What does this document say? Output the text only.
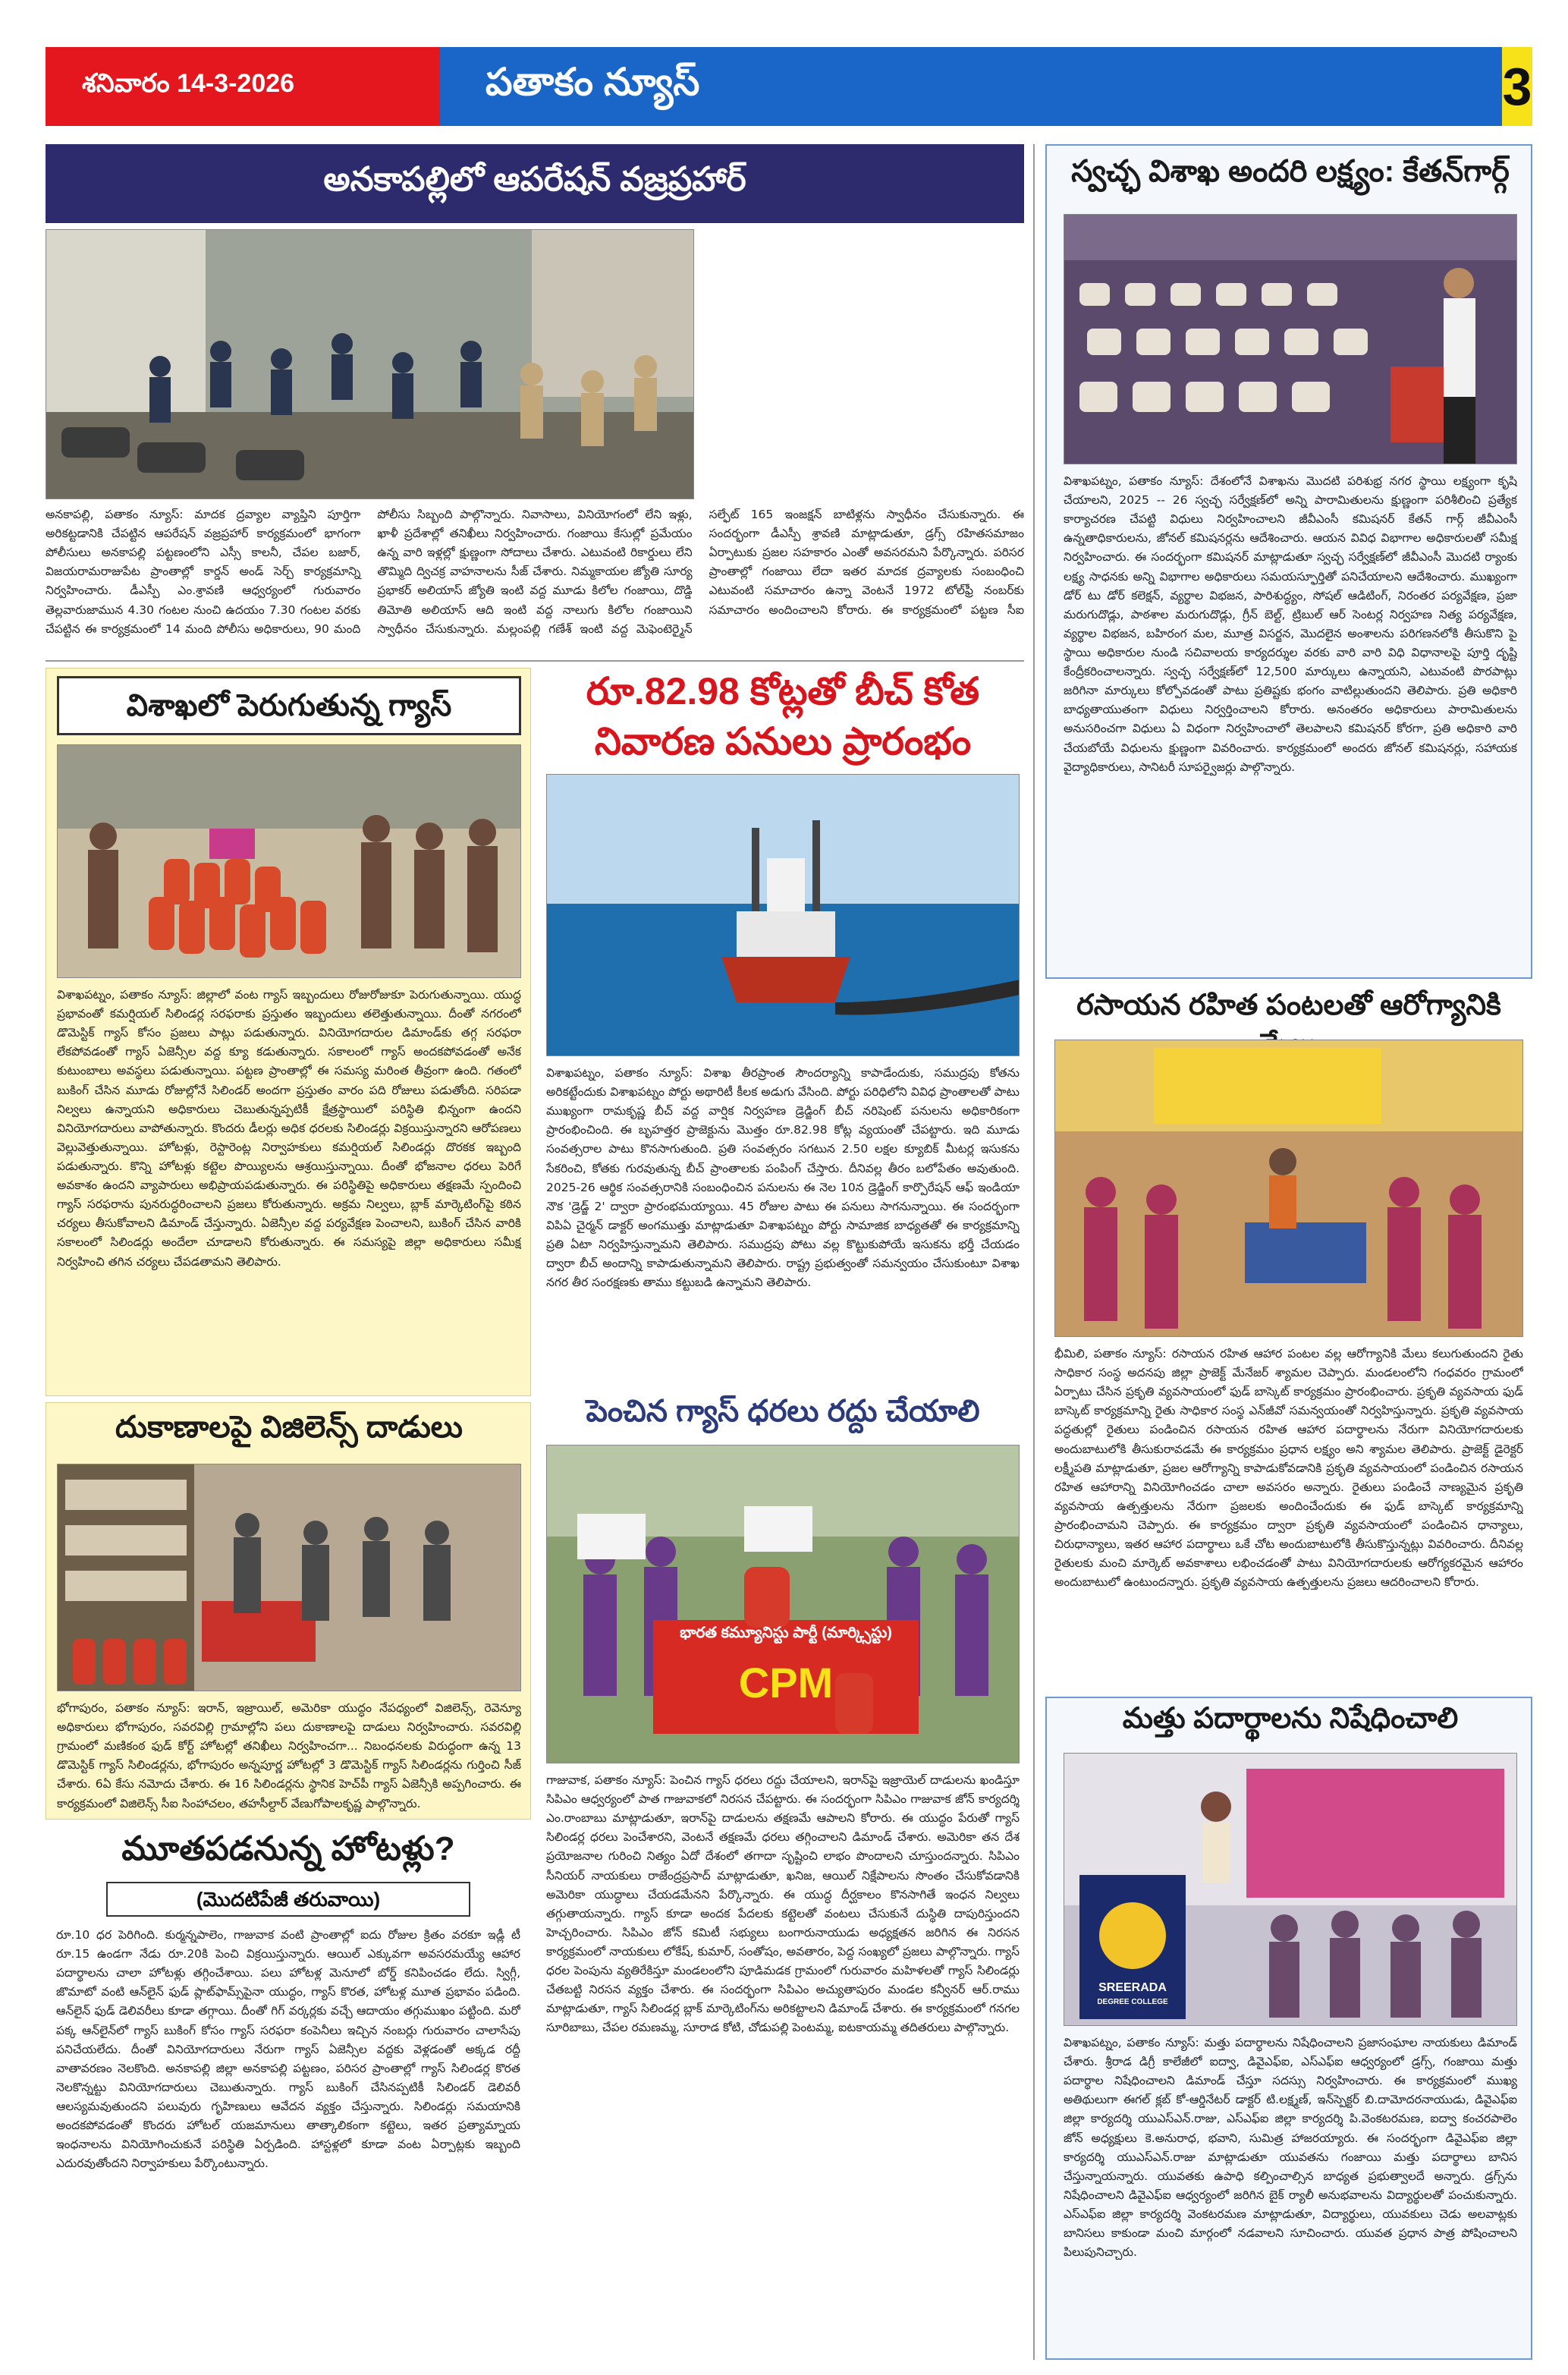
శనివారం 14-3-2026	పతాకం న్యూస్	3
అనకాపల్లిలో ఆపరేషన్ వజ్రప్రహార్
అనకాపల్లి, పతాకం న్యూస్: మాదక ద్రవ్యాల వ్యాప్తిని పూర్తిగా అరికట్టడానికి చేపట్టిన ఆపరేషన్ వజ్రప్రహార్ కార్యక్రమంలో భాగంగా పోలీసులు అనకాపల్లి పట్టణంలోని ఎస్సీ కాలనీ, చేపల బజార్, విజయరామరాజుపేట ప్రాంతాల్లో కార్డన్ అండ్ సెర్చ్ కార్యక్రమాన్ని నిర్వహించారు. డీఎస్పీ ఎం.శ్రావణి ఆధ్వర్యంలో గురువారం తెల్లవారుజామున 4.30 గంటల నుంచి ఉదయం 7.30 గంటల వరకు చేపట్టిన ఈ కార్యక్రమంలో 14 మంది పోలీసు అధికారులు, 90 మంది పోలీసు సిబ్బంది పాల్గొన్నారు. నివాసాలు, వినియోగంలో లేని ఇళ్లు, ఖాళీ ప్రదేశాల్లో తనిఖీలు నిర్వహించారు. గంజాయి కేసుల్లో ప్రమేయం ఉన్న వారి ఇళ్లల్లో క్షుణ్ణంగా సోదాలు చేశారు. ఎటువంటి రికార్డులు లేని తొమ్మిది ద్విచక్ర వాహనాలను సీజ్ చేశారు. నిమ్మకాయల జ్యోతి సూర్య ప్రభాకర్ అలియాస్ జ్యోతి ఇంటి వద్ద మూడు కిలోల గంజాయి, దొడ్డి తిమోతి అలియాస్ ఆది ఇంటి వద్ద నాలుగు కిలోల గంజాయిని స్వాధీనం చేసుకున్నారు. మల్లంపల్లి గణేశ్ ఇంటి వద్ద మెఫెంటెర్మైన్ సల్ఫేట్ 165 ఇంజక్షన్ బాటిళ్లను స్వాధీనం చేసుకున్నారు. ఈ సందర్భంగా డీఎస్పీ శ్రావణి మాట్లాడుతూ, డ్రగ్స్ రహితసమాజం ఏర్పాటుకు ప్రజల సహకారం ఎంతో అవసరమని పేర్కొన్నారు. పరిసర ప్రాంతాల్లో గంజాయి లేదా ఇతర మాదక ద్రవ్యాలకు సంబంధించి ఎటువంటి సమాచారం ఉన్నా వెంటనే 1972 టోల్‌ఫ్రీ నంబర్‌కు సమాచారం అందించాలని కోరారు. ఈ కార్యక్రమంలో పట్టణ సీఐ
స్వచ్ఛ విశాఖ అందరి లక్ష్యం: కేతన్‌గార్గ్
విశాఖపట్నం, పతాకం న్యూస్: దేశంలోనే విశాఖను మొదటి పరిశుభ్ర నగర స్థాయి లక్ష్యంగా కృషి చేయాలని, 2025 -- 26 స్వచ్ఛ సర్వేక్షణ్‌లో అన్ని పారామితులను క్షుణ్ణంగా పరిశీలించి ప్రత్యేక కార్యాచరణ చేపట్టి విధులు నిర్వహించాలని జీవీఎంసీ కమిషనర్ కేతన్ గార్గ్ జీవీఎంసీ ఉన్నతాధికారులను, జోనల్ కమిషనర్లను ఆదేశించారు. ఆయన వివిధ విభాగాల అధికారులతో సమీక్ష నిర్వహించారు. ఈ సందర్భంగా కమిషనర్ మాట్లాడుతూ స్వచ్ఛ సర్వేక్షణ్‌లో జీవీఎంసీ మొదటి ర్యాంకు లక్ష్య సాధనకు అన్ని విభాగాల అధికారులు సమయస్ఫూర్తితో పనిచేయాలని ఆదేశించారు. ముఖ్యంగా డోర్ టు డోర్ కలెక్షన్, వ్యర్థాల విభజన, పారిశుద్ధ్యం, సోషల్ ఆడిటింగ్, నిరంతర పర్యవేక్షణ, ప్రజా మరుగుదొడ్లు, పాఠశాల మరుగుదొడ్లు, గ్రీన్ బెల్ట్, ట్రిబుల్ ఆర్ సెంటర్ల నిర్వహణ నిత్య పర్యవేక్షణ, వ్యర్థాల విభజన, బహిరంగ మల, మూత్ర విసర్జన, మొదలైన అంశాలను పరిగణనలోకి తీసుకొని పై స్థాయి అధికారుల నుండి సచివాలయ కార్యదర్శుల వరకు వారి వారి విధి విధానాలపై పూర్తి దృష్టి కేంద్రీకరించాలన్నారు. స్వచ్ఛ సర్వేక్షణ్‌లో 12,500 మార్కులు ఉన్నాయని, ఎటువంటి పొరపాట్లు జరిగినా మార్కులు కోల్పోవడంతో పాటు ప్రతిష్టకు భంగం వాటిల్లుతుందని తెలిపారు. ప్రతి అధికారి బాధ్యతాయుతంగా విధులు నిర్వర్తించాలని కోరారు. అనంతరం అధికారులు పారామితులను అనుసరించగా విధులు ఏ విధంగా నిర్వహించాలో తెలపాలని కమిషనర్ కోరగా, ప్రతి అధికారి వారి చేయబోయే విధులను క్షుణ్ణంగా వివరించారు. కార్యక్రమంలో అందరు జోనల్ కమిషనర్లు, సహాయక వైద్యాధికారులు, సానిటరీ సూపర్వైజర్లు పాల్గొన్నారు.
విశాఖలో పెరుగుతున్న గ్యాస్
విశాఖపట్నం, పతాకం న్యూస్: జిల్లాలో వంట గ్యాస్ ఇబ్బందులు రోజురోజుకూ పెరుగుతున్నాయి. యుద్ధ ప్రభావంతో కమర్షియల్ సిలిండర్ల సరఫరాకు ప్రస్తుతం ఇబ్బందులు తలెత్తుతున్నాయి. దీంతో నగరంలో డొమెస్టిక్ గ్యాస్ కోసం ప్రజలు పాట్లు పడుతున్నారు. వినియోగదారుల డిమాండ్‌కు తగ్గ సరఫరా లేకపోవడంతో గ్యాస్ ఏజెన్సీల వద్ద క్యూ కడుతున్నారు. సకాలంలో గ్యాస్ అందకపోవడంతో అనేక కుటుంబాలు అవస్థలు పడుతున్నాయి. పట్టణ ప్రాంతాల్లో ఈ సమస్య మరింత తీవ్రంగా ఉంది. గతంలో బుకింగ్ చేసిన మూడు రోజుల్లోనే సిలిండర్ అందగా ప్రస్తుతం వారం పది రోజులు పడుతోంది. సరిపడా నిల్వలు ఉన్నాయని అధికారులు చెబుతున్నప్పటికీ క్షేత్రస్థాయిలో పరిస్థితి భిన్నంగా ఉందని వినియోగదారులు వాపోతున్నారు. కొందరు డీలర్లు అధిక ధరలకు సిలిండర్లు విక్రయిస్తున్నారని ఆరోపణలు వెల్లువెత్తుతున్నాయి. హోటళ్లు, రెస్టారెంట్ల నిర్వాహకులు కమర్షియల్ సిలిండర్లు దొరకక ఇబ్బంది పడుతున్నారు. కొన్ని హోటళ్లు కట్టెల పొయ్యిలను ఆశ్రయిస్తున్నాయి. దీంతో భోజనాల ధరలు పెరిగే అవకాశం ఉందని వ్యాపారులు అభిప్రాయపడుతున్నారు. ఈ పరిస్థితిపై అధికారులు తక్షణమే స్పందించి గ్యాస్ సరఫరాను పునరుద్ధరించాలని ప్రజలు కోరుతున్నారు. అక్రమ నిల్వలు, బ్లాక్ మార్కెటింగ్‌పై కఠిన చర్యలు తీసుకోవాలని డిమాండ్ చేస్తున్నారు. ఏజెన్సీల వద్ద పర్యవేక్షణ పెంచాలని, బుకింగ్ చేసిన వారికి సకాలంలో సిలిండర్లు అందేలా చూడాలని కోరుతున్నారు. ఈ సమస్యపై జిల్లా అధికారులు సమీక్ష నిర్వహించి తగిన చర్యలు చేపడతామని తెలిపారు.
దుకాణాలపై విజిలెన్స్ దాడులు
భోగాపురం, పతాకం న్యూస్: ఇరాన్, ఇజ్రాయిల్, అమెరికా యుద్ధం నేపధ్యంలో విజిలెన్స్, రెవెన్యూ అధికారులు భోగాపురం, సవరవిల్లి గ్రామాల్లోని పలు దుకాణాలపై దాడులు నిర్వహించారు. సవరవిల్లి గ్రామంలో మణికంఠ ఫుడ్ కోర్ట్ హోటల్లో తనిఖీలు నిర్వహించగా... నిబంధనలకు విరుద్ధంగా ఉన్న 13 డొమెస్టిక్ గ్యాస్ సిలిండర్లను, భోగాపురం అన్నపూర్ణ హోటల్లో 3 డొమెస్టిక్ గ్యాస్ సిలిండర్లను గుర్తించి సీజ్ చేశారు. 6ఏ కేసు నమోదు చేశారు. ఈ 16 సిలిండర్లను స్థానిక హెచ్‌పీ గ్యాస్ ఏజెన్సీకి అప్పగించారు. ఈ కార్యక్రమంలో విజిలెన్స్ సీఐ సింహాచలం, తహసీల్దార్ వేణుగోపాలకృష్ణ పాల్గొన్నారు.
మూతపడనున్న హోటళ్లు?
(మొదటిపేజీ తరువాయి)
రూ.10 ధర పెరిగింది. కుర్మన్నపాలెం, గాజువాక వంటి ప్రాంతాల్లో ఐదు రోజుల క్రితం వరకూ ఇడ్లీ టీ రూ.15 ఉండగా నేడు రూ.20కి పెంచి విక్రయిస్తున్నారు. ఆయిల్ ఎక్కువగా అవసరమయ్యే ఆహార పదార్థాలను చాలా హోటళ్లు తగ్గించేశాయి. పలు హోటళ్ల మెనూలో బోర్డ్ కనిపించడం లేదు. స్విగ్గీ, జొమాటో వంటి ఆన్‌లైన్ ఫుడ్ ప్లాట్‌ఫామ్స్‌పైనా యుద్ధం, గ్యాస్ కొరత, హోటళ్ల మూత ప్రభావం పడింది. ఆన్‌లైన్ ఫుడ్ డెలివరీలు కూడా తగ్గాయి. దీంతో గిగ్ వర్కర్లకు వచ్చే ఆదాయం తగ్గుముఖం పట్టింది. మరో పక్క ఆన్‌లైన్‌లో గ్యాస్ బుకింగ్ కోసం గ్యాస్ సరఫరా కంపెనీలు ఇచ్చిన నంబర్లు గురువారం చాలాసేపు పనిచేయలేదు. దీంతో వినియోగదారులు నేరుగా గ్యాస్ ఏజెన్సీల వద్దకు వెళ్లడంతో అక్కడ రద్దీ వాతావరణం నెలకొంది. అనకాపల్లి జిల్లా అనకాపల్లి పట్టణం, పరిసర ప్రాంతాల్లో గ్యాస్ సిలిండర్ల కొరత నెలకొన్నట్టు వినియోగదారులు చెబుతున్నారు. గ్యాస్ బుకింగ్ చేసినప్పటికీ సిలిండర్ డెలివరీ ఆలస్యమవుతుందని పలువురు గృహిణులు ఆవేదన వ్యక్తం చేస్తున్నారు. సిలిండర్లు సమయానికి అందకపోవడంతో కొందరు హోటల్ యజమానులు తాత్కాలికంగా కట్టెలు, ఇతర ప్రత్యామ్నాయ ఇంధనాలను వినియోగించుకునే పరిస్థితి ఏర్పడింది. హాస్టళ్లలో కూడా వంట ఏర్పాట్లకు ఇబ్బంది ఎదురవుతోందని నిర్వాహకులు పేర్కొంటున్నారు.
రూ.82.98 కోట్లతో బీచ్ కోత
నివారణ పనులు ప్రారంభం
విశాఖపట్నం, పతాకం న్యూస్: విశాఖ తీరప్రాంత సౌందర్యాన్ని కాపాడేందుకు, సముద్రపు కోతను అరికట్టేందుకు విశాఖపట్నం పోర్టు అథారిటీ కీలక అడుగు వేసింది. పోర్టు పరిధిలోని వివిధ ప్రాంతాలతో పాటు ముఖ్యంగా రామకృష్ణ బీచ్ వద్ద వార్షిక నిర్వహణ డ్రెడ్జింగ్ బీచ్ నరిషెంట్ పనులను అధికారికంగా ప్రారంభించింది. ఈ బృహత్తర ప్రాజెక్టును మొత్తం రూ.82.98 కోట్ల వ్యయంతో చేపట్టారు. ఇది మూడు సంవత్సరాల పాటు కొనసాగుతుంది. ప్రతి సంవత్సరం సగటున 2.50 లక్షల క్యూబిక్ మీటర్ల ఇసుకను సేకరించి, కోతకు గురవుతున్న బీచ్ ప్రాంతాలకు పంపింగ్ చేస్తారు. దీనివల్ల తీరం బలోపేతం అవుతుంది. 2025-26 ఆర్థిక సంవత్సరానికి సంబంధించిన పనులను ఈ నెల 10న డ్రెడ్జింగ్ కార్పొరేషన్ ఆఫ్ ఇండియా నౌక 'డ్రెడ్జ్ 2' ద్వారా ప్రారంభమయ్యాయి. 45 రోజుల పాటు ఈ పనులు సాగనున్నాయి. ఈ సందర్భంగా విపిఏ చైర్మన్ డాక్టర్ అంగముత్తు మాట్లాడుతూ విశాఖపట్నం పోర్టు సామాజిక బాధ్యతతో ఈ కార్యక్రమాన్ని ప్రతి ఏటా నిర్వహిస్తున్నామని తెలిపారు. సముద్రపు పోటు వల్ల కొట్టుకుపోయే ఇసుకను భర్తీ చేయడం ద్వారా బీచ్ అందాన్ని కాపాడుతున్నామని తెలిపారు. రాష్ట్ర ప్రభుత్వంతో సమన్వయం చేసుకుంటూ విశాఖ నగర తీర సంరక్షణకు తాము కట్టుబడి ఉన్నామని తెలిపారు.
పెంచిన గ్యాస్ ధరలు రద్దు చేయాలి
భారత కమ్యూనిస్టు పార్టీ (మార్క్సిస్టు)
CPM
గాజువాక, పతాకం న్యూస్: పెంచిన గ్యాస్ ధరలు రద్దు చేయాలని, ఇరాన్‌పై ఇజ్రాయెల్ దాడులను ఖండిస్తూ సిపిఎం ఆధ్వర్యంలో పాత గాజువాకలో నిరసన చేపట్టారు. ఈ సందర్భంగా సిపిఎం గాజువాక జోన్ కార్యదర్శి ఎం.రాంబాబు మాట్లాడుతూ, ఇరాన్‌పై దాడులను తక్షణమే ఆపాలని కోరారు. ఈ యుద్ధం పేరుతో గ్యాస్ సిలిండర్ల ధరలు పెంచేశారని, వెంటనే తక్షణమే ధరలు తగ్గించాలని డిమాండ్ చేశారు. అమెరికా తన దేశ ప్రయోజనాల గురించి నిత్యం ఏదో దేశంలో తగాదా సృష్టించి లాభం పొందాలని చూస్తుందన్నారు. సిపిఎం సీనియర్ నాయకులు రాజేంద్రప్రసాద్ మాట్లాడుతూ, ఖనిజ, ఆయిల్ నిక్షేపాలను సొంతం చేసుకోవడానికి అమెరికా యుద్ధాలు చేయడమేనని పేర్కొన్నారు. ఈ యుద్ధ దీర్ఘకాలం కొనసాగితే ఇంధన నిల్వలు తగ్గుతాయన్నారు. గ్యాస్ కూడా అందక పేదలకు కట్టెలతో వంటలు చేసుకునే దుస్థితి దాపురిస్తుందని హెచ్చరించారు. సిపిఎం జోన్ కమిటీ సభ్యులు బంగారునాయుడు అధ్యక్షతన జరిగిన ఈ నిరసన కార్యక్రమంలో నాయకులు లోకేష్, కుమార్, సంతోషం, అవతారం, పెద్ద సంఖ్యలో ప్రజలు పాల్గొన్నారు. గ్యాస్ ధరల పెంపును వ్యతిరేకిస్తూ మండలంలోని పూడిమడక గ్రామంలో గురువారం మహిళలతో గ్యాస్ సిలిండర్లు చేతబట్టి నిరసన వ్యక్తం చేశారు. ఈ సందర్భంగా సిపిఎం అచ్యుతాపురం మండల కన్వీనర్ ఆర్.రాము మాట్లాడుతూ, గ్యాస్ సిలిండర్ల బ్లాక్ మార్కెటింగ్‌ను అరికట్టాలని డిమాండ్ చేశారు. ఈ కార్యక్రమంలో గనగల సూరిబాబు, చేపల రమణమ్మ, సూరాడ కోటి, చోడుపల్లి పెంటమ్మ, ఐటకాయమ్మ తదితరులు పాల్గొన్నారు.
రసాయన రహిత పంటలతో ఆరోగ్యానికి
భీమిలి, పతాకం న్యూస్: రసాయన రహిత ఆహార పంటల వల్ల ఆరోగ్యానికి మేలు కలుగుతుందని రైతు సాధికార సంస్థ అదనపు జిల్లా ప్రాజెక్ట్ మేనేజర్ శ్యామల చెప్పారు. మండలంలోని గంధవరం గ్రామంలో ఏర్పాటు చేసిన ప్రకృతి వ్యవసాయంలో ఫుడ్ బాస్కెట్ కార్యక్రమం ప్రారంభించారు. ప్రకృతి వ్యవసాయ ఫుడ్ బాస్కెట్ కార్యక్రమాన్ని రైతు సాధికార సంస్థ ఎన్‌జీవో సమన్వయంతో నిర్వహిస్తున్నారు. ప్రకృతి వ్యవసాయ పద్ధతుల్లో రైతులు పండించిన రసాయన రహిత ఆహార పదార్థాలను నేరుగా వినియోగదారులకు అందుబాటులోకి తీసుకురావడమే ఈ కార్యక్రమం ప్రధాన లక్ష్యం అని శ్యామల తెలిపారు. ప్రాజెక్ట్ డైరెక్టర్ లక్ష్మీపతి మాట్లాడుతూ, ప్రజల ఆరోగ్యాన్ని కాపాడుకోవడానికి ప్రకృతి వ్యవసాయంలో పండించిన రసాయన రహిత ఆహారాన్ని వినియోగించడం చాలా అవసరం అన్నారు. రైతులు పండించే నాణ్యమైన ప్రకృతి వ్యవసాయ ఉత్పత్తులను నేరుగా ప్రజలకు అందించేందుకు ఈ ఫుడ్ బాస్కెట్ కార్యక్రమాన్ని ప్రారంభించామని చెప్పారు. ఈ కార్యక్రమం ద్వారా ప్రకృతి వ్యవసాయంలో పండించిన ధాన్యాలు, చిరుధాన్యాలు, ఇతర ఆహార పదార్థాలు ఒకే చోట అందుబాటులోకి తీసుకొస్తున్నట్లు వివరించారు. దీనివల్ల రైతులకు మంచి మార్కెట్ అవకాశాలు లభించడంతో పాటు వినియోగదారులకు ఆరోగ్యకరమైన ఆహారం అందుబాటులో ఉంటుందన్నారు. ప్రకృతి వ్యవసాయ ఉత్పత్తులను ప్రజలు ఆదరించాలని కోరారు.
మత్తు పదార్థాలను నిషేధించాలి
SREERADA
DEGREE COLLEGE
విశాఖపట్నం, పతాకం న్యూస్: మత్తు పదార్థాలను నిషేధించాలని ప్రజాసంఘాల నాయకులు డిమాండ్ చేశారు. శ్రీరాడ డిగ్రీ కాలేజీలో ఐద్వా, డివైఎఫ్ఐ, ఎస్ఎఫ్ఐ ఆధ్వర్యంలో డ్రగ్స్, గంజాయి మత్తు పదార్థాల నిషేధించాలని డిమాండ్ చేస్తూ సదస్సు నిర్వహించారు. ఈ కార్యక్రమంలో ముఖ్య అతిథులుగా ఈగల్ క్లబ్ కో-ఆర్డినేటర్ డాక్టర్ టి.లక్ష్మణ్, ఇన్‌స్పెక్టర్ బి.దామోదరనాయుడు, డివైఎఫ్ఐ జిల్లా కార్యదర్శి యుఎస్ఎన్.రాజు, ఎస్ఎఫ్ఐ జిల్లా కార్యదర్శి పి.వెంకటరమణ, ఐద్వా కంచరపాలెం జోన్ అధ్యక్షులు కె.అనురాధ, భవాని, సుమిత్ర హాజరయ్యారు. ఈ సందర్భంగా డివైఎఫ్ఐ జిల్లా కార్యదర్శి యుఎస్ఎన్.రాజు మాట్లాడుతూ యువతను గంజాయి మత్తు పదార్థాలు బానిస చేస్తున్నాయన్నారు. యువతకు ఉపాధి కల్పించాల్సిన బాధ్యత ప్రభుత్వాలదే అన్నారు. డ్రగ్స్‌ను నిషేధించాలని డివైఎఫ్ఐ ఆధ్వర్యంలో జరిగిన బైక్ ర్యాలీ అనుభవాలను విద్యార్థులతో పంచుకున్నారు. ఎస్ఎఫ్ఐ జిల్లా కార్యదర్శి వెంకటరమణ మాట్లాడుతూ, విద్యార్థులు, యువకులు చెడు అలవాట్లకు బానిసలు కాకుండా మంచి మార్గంలో నడవాలని సూచించారు. యువత ప్రధాన పాత్ర పోషించాలని పిలుపునిచ్చారు.
